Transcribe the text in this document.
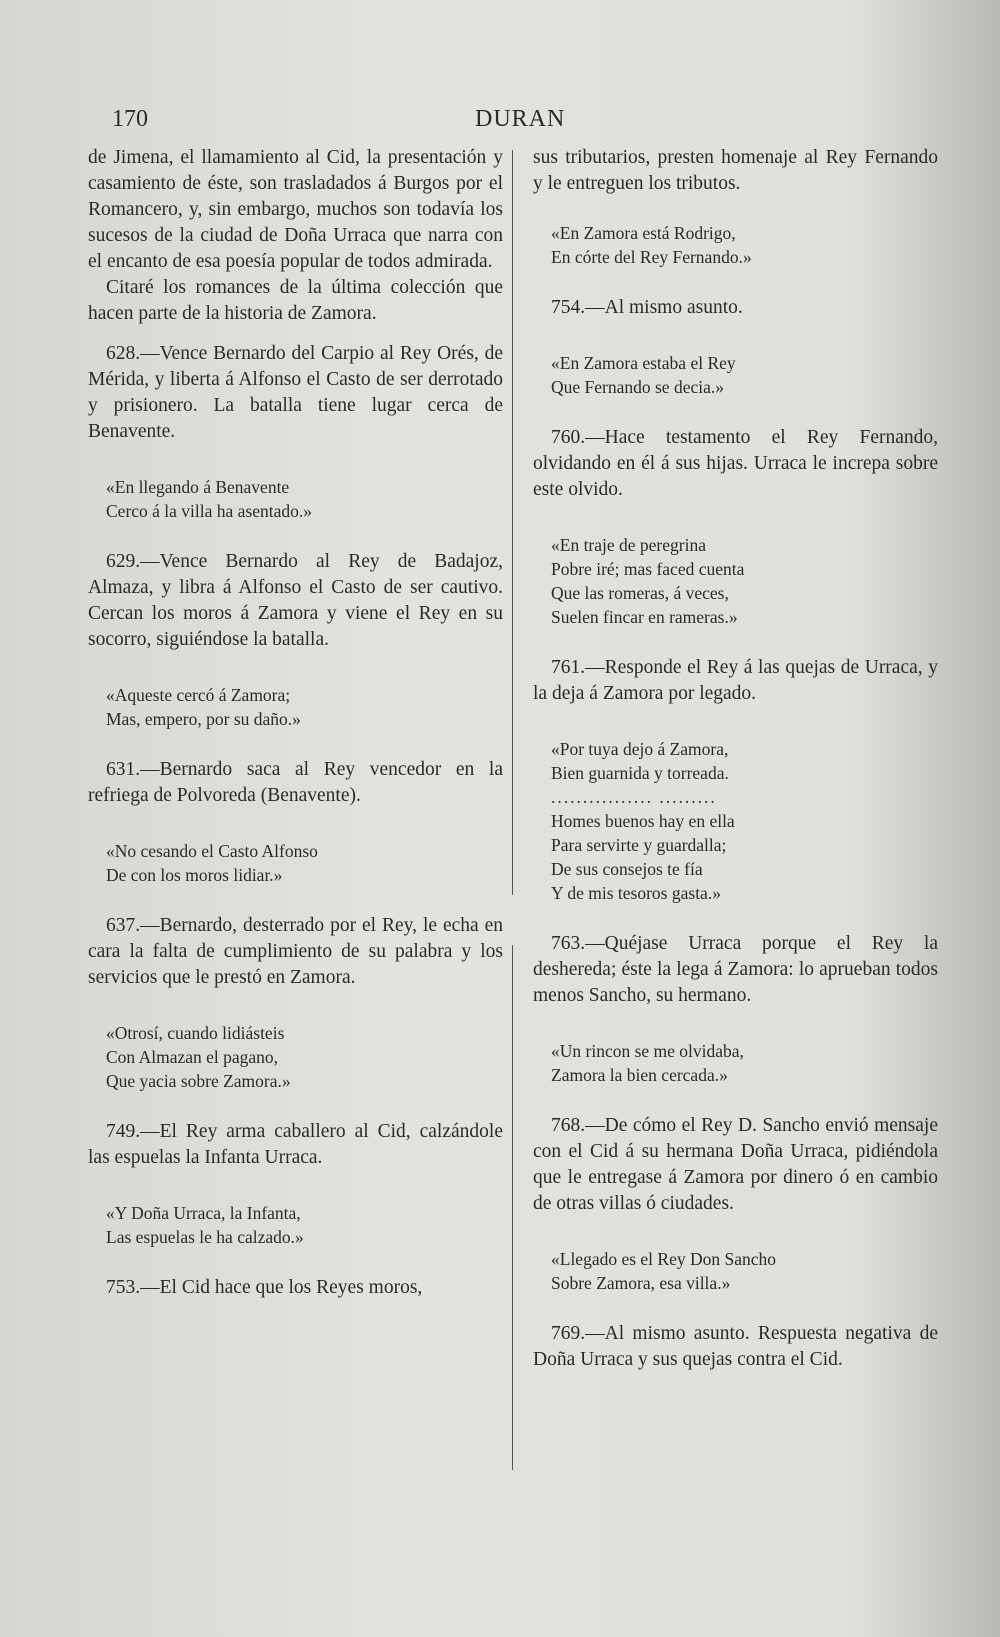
170	DURAN

de Jimena, el llamamiento al Cid, la presentación y casamiento de éste, son trasladados á Burgos por el Romancero, y, sin embargo, muchos son todavía los sucesos de la ciudad de Doña Urraca que narra con el encanto de esa poesía popular de todos admirada.

Citaré los romances de la última colección que hacen parte de la historia de Zamora.

628.—Vence Bernardo del Carpio al Rey Orés, de Mérida, y liberta á Alfonso el Casto de ser derrotado y prisionero. La batalla tiene lugar cerca de Benavente.

«En llegando á Benavente
Cerco á la villa ha asentado.»

629.—Vence Bernardo al Rey de Badajoz, Almaza, y libra á Alfonso el Casto de ser cautivo. Cercan los moros á Zamora y viene el Rey en su socorro, siguiéndose la batalla.

«Aqueste cercó á Zamora;
Mas, empero, por su daño.»

631.—Bernardo saca al Rey vencedor en la refriega de Polvoreda (Benavente).

«No cesando el Casto Alfonso
De con los moros lidiar.»

637.—Bernardo, desterrado por el Rey, le echa en cara la falta de cumplimiento de su palabra y los servicios que le prestó en Zamora.

«Otrosí, cuando lidiásteis
Con Almazan el pagano,
Que yacia sobre Zamora.»

749.—El Rey arma caballero al Cid, calzándole las espuelas la Infanta Urraca.

«Y Doña Urraca, la Infanta,
Las espuelas le ha calzado.»

753.—El Cid hace que los Reyes moros,

sus tributarios, presten homenaje al Rey Fernando y le entreguen los tributos.

«En Zamora está Rodrigo,
En córte del Rey Fernando.»

754.—Al mismo asunto.

«En Zamora estaba el Rey
Que Fernando se decia.»

760.—Hace testamento el Rey Fernando, olvidando en él á sus hijas. Urraca le increpa sobre este olvido.

«En traje de peregrina
Pobre iré; mas faced cuenta
Que las romeras, á veces,
Suelen fincar en rameras.»

761.—Responde el Rey á las quejas de Urraca, y la deja á Zamora por legado.

«Por tuya dejo á Zamora,
Bien guarnida y torreada.
................ .........
Homes buenos hay en ella
Para servirte y guardalla;
De sus consejos te fía
Y de mis tesoros gasta.»

763.—Quéjase Urraca porque el Rey la deshereda; éste la lega á Zamora: lo aprueban todos menos Sancho, su hermano.

«Un rincon se me olvidaba,
Zamora la bien cercada.»

768.—De cómo el Rey D. Sancho envió mensaje con el Cid á su hermana Doña Urraca, pidiéndola que le entregase á Zamora por dinero ó en cambio de otras villas ó ciudades.

«Llegado es el Rey Don Sancho
Sobre Zamora, esa villa.»

769.—Al mismo asunto. Respuesta negativa de Doña Urraca y sus quejas contra el Cid.
